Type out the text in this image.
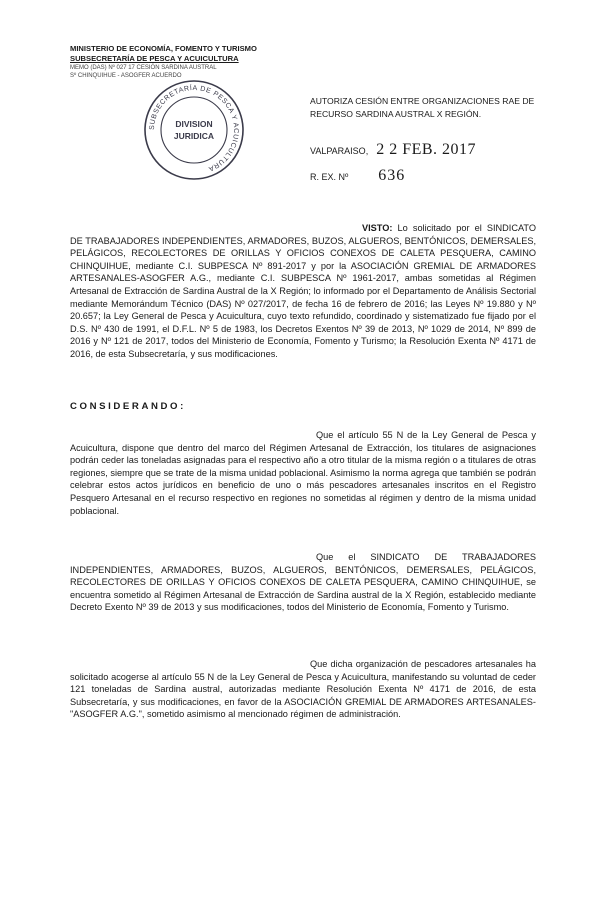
MINISTERIO DE ECONOMÍA, FOMENTO Y TURISMO
SUBSECRETARÍA DE PESCA Y ACUICULTURA
MEMO (DAS) Nº 027 17 CESIÓN SARDINA AUSTRAL
Sº CHINQUIHUE - ASOGFER ACUERDO
SUBSECRETARÍA DE PESCA Y ACUICULTURA
DIVISION
JURIDICA
AUTORIZA CESIÓN ENTRE ORGANIZACIONES RAE DE RECURSO SARDINA AUSTRAL X REGIÓN.
VALPARAISO, 2 2 FEB. 2017
R. EX. Nº 636
VISTO: Lo solicitado por el SINDICATO DE TRABAJADORES INDEPENDIENTES, ARMADORES, BUZOS, ALGUEROS, BENTÓNICOS, DEMERSALES, PELÁGICOS, RECOLECTORES DE ORILLAS Y OFICIOS CONEXOS DE CALETA PESQUERA, CAMINO CHINQUIHUE, mediante C.I. SUBPESCA Nº 891-2017 y por la ASOCIACIÓN GREMIAL DE ARMADORES ARTESANALES-ASOGFER A.G., mediante C.I. SUBPESCA Nº 1961-2017, ambas sometidas al Régimen Artesanal de Extracción de Sardina Austral de la X Región; lo informado por el Departamento de Análisis Sectorial mediante Memorándum Técnico (DAS) Nº 027/2017, de fecha 16 de febrero de 2016; las Leyes Nº 19.880 y Nº 20.657; la Ley General de Pesca y Acuicultura, cuyo texto refundido, coordinado y sistematizado fue fijado por el D.S. Nº 430 de 1991, el D.F.L. Nº 5 de 1983, los Decretos Exentos Nº 39 de 2013, Nº 1029 de 2014, Nº 899 de 2016 y Nº 121 de 2017, todos del Ministerio de Economía, Fomento y Turismo; la Resolución Exenta Nº 4171 de 2016, de esta Subsecretaría, y sus modificaciones.
CONSIDERANDO:
Que el artículo 55 N de la Ley General de Pesca y Acuicultura, dispone que dentro del marco del Régimen Artesanal de Extracción, los titulares de asignaciones podrán ceder las toneladas asignadas para el respectivo año a otro titular de la misma región o a titulares de otras regiones, siempre que se trate de la misma unidad poblacional. Asimismo la norma agrega que también se podrán celebrar estos actos jurídicos en beneficio de uno o más pescadores artesanales inscritos en el Registro Pesquero Artesanal en el recurso respectivo en regiones no sometidas al régimen y dentro de la misma unidad poblacional.
Que el SINDICATO DE TRABAJADORES INDEPENDIENTES, ARMADORES, BUZOS, ALGUEROS, BENTÓNICOS, DEMERSALES, PELÁGICOS, RECOLECTORES DE ORILLAS Y OFICIOS CONEXOS DE CALETA PESQUERA, CAMINO CHINQUIHUE, se encuentra sometido al Régimen Artesanal de Extracción de Sardina austral de la X Región, establecido mediante Decreto Exento Nº 39 de 2013 y sus modificaciones, todos del Ministerio de Economía, Fomento y Turismo.
Que dicha organización de pescadores artesanales ha solicitado acogerse al artículo 55 N de la Ley General de Pesca y Acuicultura, manifestando su voluntad de ceder 121 toneladas de Sardina austral, autorizadas mediante Resolución Exenta Nº 4171 de 2016, de esta Subsecretaría, y sus modificaciones, en favor de la ASOCIACIÓN GREMIAL DE ARMADORES ARTESANALES-"ASOGFER A.G.", sometido asimismo al mencionado régimen de administración.
